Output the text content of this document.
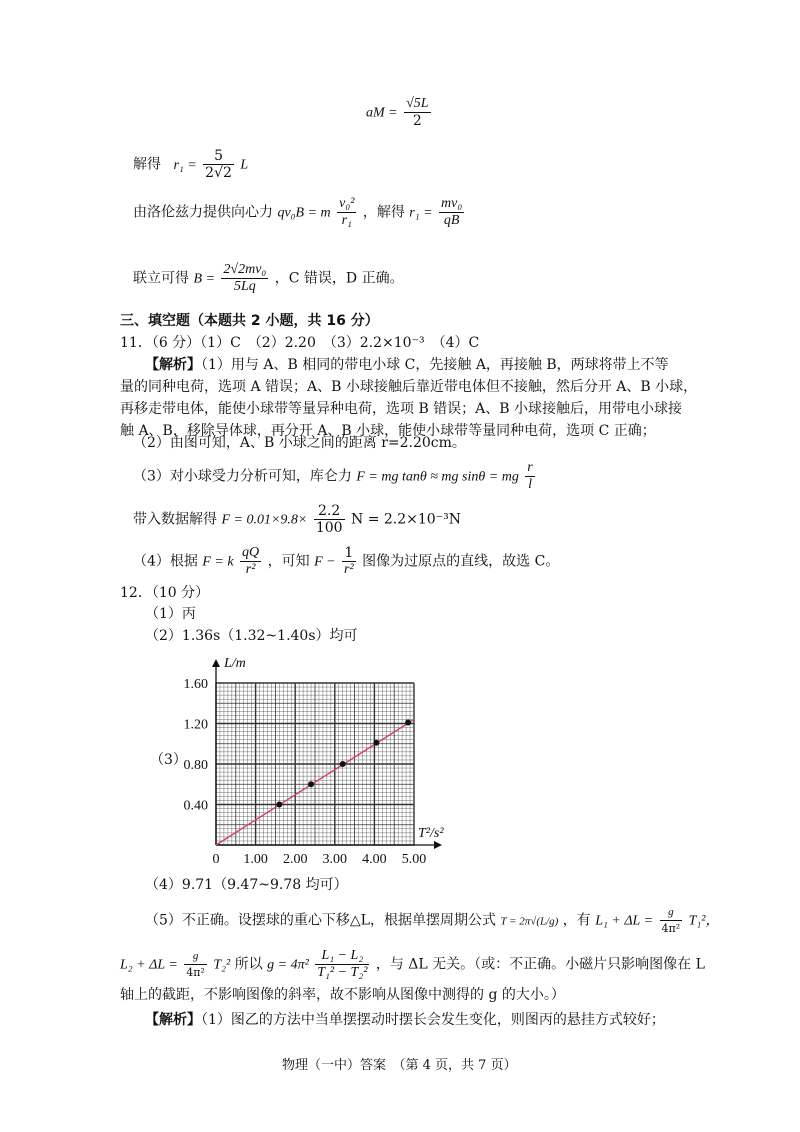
aM = $\frac{√5L}{2}$
解得 $r_1 = \frac{5}{2√2}$ L
由洛伦兹力提供向心力 qv₀B = m $\frac{\text{v₀²}}{\text{r₁}}$ ，解得 $r_1 = \frac{\text{mv₀}}{qB}$
联立可得 $B = \frac{\text{2√2mv₀}}{5Lq}$ ，C 错误，D 正确。
三、填空题（本题共 2 小题，共 16 分）
11．（6 分）（1）C　（2）2.20　（3）2.2×10⁻³　（4）C
【解析】（1）用与 A、B 相同的带电小球 C，先接触 A，再接触 B，两球将带上不等
量的同种电荷，选项 A 错误；A、B 小球接触后靠近带电体但不接触，然后分开 A、B 小球，
再移走带电体，能使小球带等量异种电荷，选项 B 错误；A、B 小球接触后，用带电小球接
触 A、B，移除导体球，再分开 A、B 小球，能使小球带等量同种电荷，选项 C 正确；
（2）由图可知，A、B 小球之间的距离 r=2.20cm。
（3）对小球受力分析可知，库仑力 F = mg tanθ ≈ mg sinθ = mg $\frac{r}{l}$
带入数据解得 $F = 0.01\times 9.8\times \frac{2.2}{100}$ N = 2.2×10⁻³N
（4）根据 F = k $\frac{qQ}{\text{r²}}$ ，可知 $F - \frac{1}{\text{r²}}$ 图像为过原点的直线，故选 C。
12．（10 分）
（1）丙
（2）1.36s（1.32~1.40s）均可
（3）
0 1.00 2.00 3.00 4.00 5.00
0.40
0.80
1.20
1.60
L/m
T²/s²
（4）9.71（9.47~9.78 均可）
（5）不正确。设摆球的重心下移△L，根据单摆周期公式 T = 2π√(L/g) ，有 $L_1 + \Delta L = \frac{g}{\text{4π²}} T_1^2$，
$L_2 + \Delta L = \frac{g}{\text{4π²}} T_2^2$ 所以 $g = 4\pi^2 \frac{\text{L₁ − L₂}}{\text{T₁² − T₂²}}$ ，与 ΔL 无关。（或：不正确。小磁片只影响图像在 L
轴上的截距，不影响图像的斜率，故不影响从图像中测得的 g 的大小。）
【解析】（1）图乙的方法中当单摆摆动时摆长会发生变化，则图丙的悬挂方式较好；
物理（一中）答案　（第 4 页，共 7 页）
